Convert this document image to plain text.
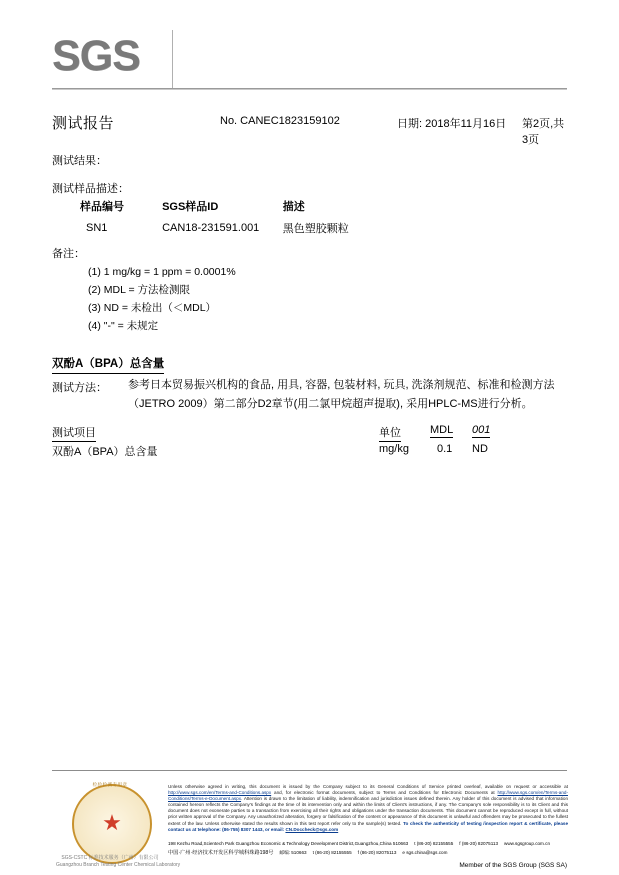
SGS
测试报告	No. CANEC1823159102	日期: 2018年11月16日 第2页,共3页
测试结果：
测试样品描述：
样品编号	SGS样品ID	描述
SN1	CAN18-231591.001	黑色塑胶颗粒
备注：
(1) 1 mg/kg = 1 ppm = 0.0001%
(2) MDL = 方法检测限
(3) ND = 未检出（＜MDL）
(4) "-" = 未规定
双酚A（BPA）总含量
测试方法： 参考日本贸易振兴机构的食品, 用具, 容器, 包装材料, 玩具, 洗涤剂规范、标准和检测方法（JETRO 2009）第二部分D2章节(用二氯甲烷超声提取), 采用HPLC-MS进行分析。
测试项目	单位	MDL 001
双酚A（BPA）总含量	mg/kg	0.1 ND
★
检验检测专用章
SGS-CSTC 标准技术服务（广州）有限公司
Guangzhou Branch Testing Center Chemical Laboratory
Unless otherwise agreed in writing, this document is issued by the Company subject to its General Conditions of Service printed overleaf, available on request or accessible at http://www.sgs.com/en/Terms-and-Conditions.aspx and, for electronic format documents, subject to Terms and Conditions for Electronic Documents at http://www.sgs.com/en/Terms-and-Conditions/Terms-e-Document.aspx. Attention is drawn to the limitation of liability, indemnification and jurisdiction issues defined therein. Any holder of this document is advised that information contained hereon reflects the Company's findings at the time of its intervention only and within the limits of Client's instructions, if any. The Company's sole responsibility is to its Client and this document does not exonerate parties to a transaction from exercising all their rights and obligations under the transaction documents. This document cannot be reproduced except in full, without prior written approval of the Company. Any unauthorized alteration, forgery or falsification of the content or appearance of this document is unlawful and offenders may be prosecuted to the fullest extent of the law. Unless otherwise stated the results shown in this test report refer only to the sample(s) tested. To check the authenticity of testing /inspection report & certificate, please contact us at telephone: (86-755) 8307 1443, or email: CN.Doccheck@sgs.com
198 Kezhu Road,Scientech Park Guangzhou Economic & Technology Development District,Guangzhou,China 510663 t (86-20) 82155555 f (86-20) 82075113 www.sgsgroup.com.cn
中国·广州·经济技术开发区科学城科珠路198号 邮编: 510663 t (86-20) 82155555 f (86-20) 82075113 e sgs.china@sgs.com
Member of the SGS Group (SGS SA)
